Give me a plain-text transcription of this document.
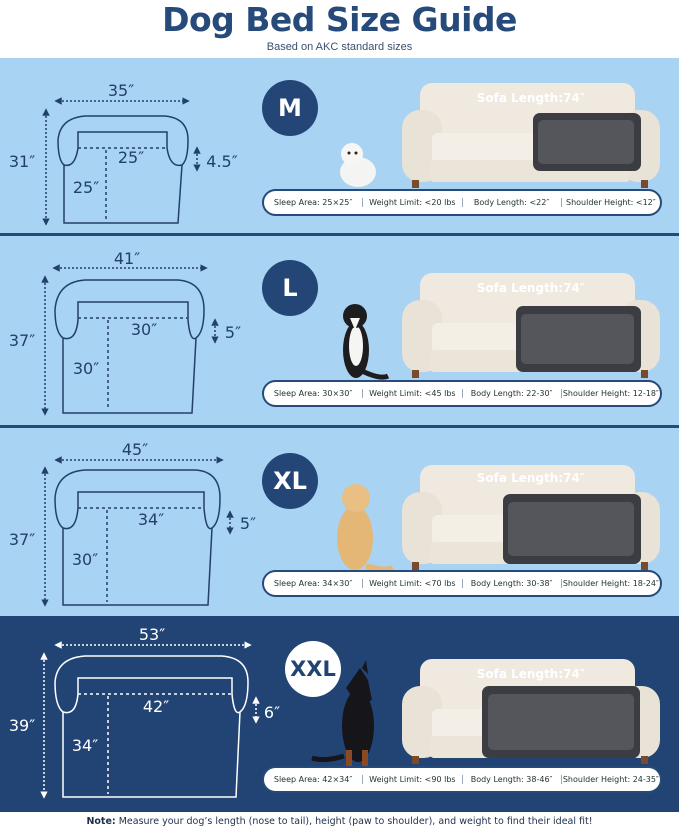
Dog Bed Size Guide
Based on AKC standard sizes
35″
31″	25″
25″
4.5″
41″
37″
30″
30″
5″
45″
37″
34″
30″
5″
53″
39″
42″
34″
6″
Sofa Length:74″
Sofa Length:74″
Sofa Length:74″
Sofa Length:74″
M
L
XL
XXL
Sleep Area: 25×25″	Weight Limit: <20 lbs	Body Length: <22″	Shoulder Height: <12″
Sleep Area: 30×30″	Weight Limit: <45 lbs	Body Length: 22-30″	Shoulder Height: 12-18″
Sleep Area: 34×30″	Weight Limit: <70 lbs	Body Length: 30-38″	Shoulder Height: 18-24″
Sleep Area: 42×34″	Weight Limit: <90 lbs	Body Length: 38-46″	Shoulder Height: 24-35″
Note: Measure your dog’s length (nose to tail), height (paw to shoulder), and weight to find their ideal fit!
